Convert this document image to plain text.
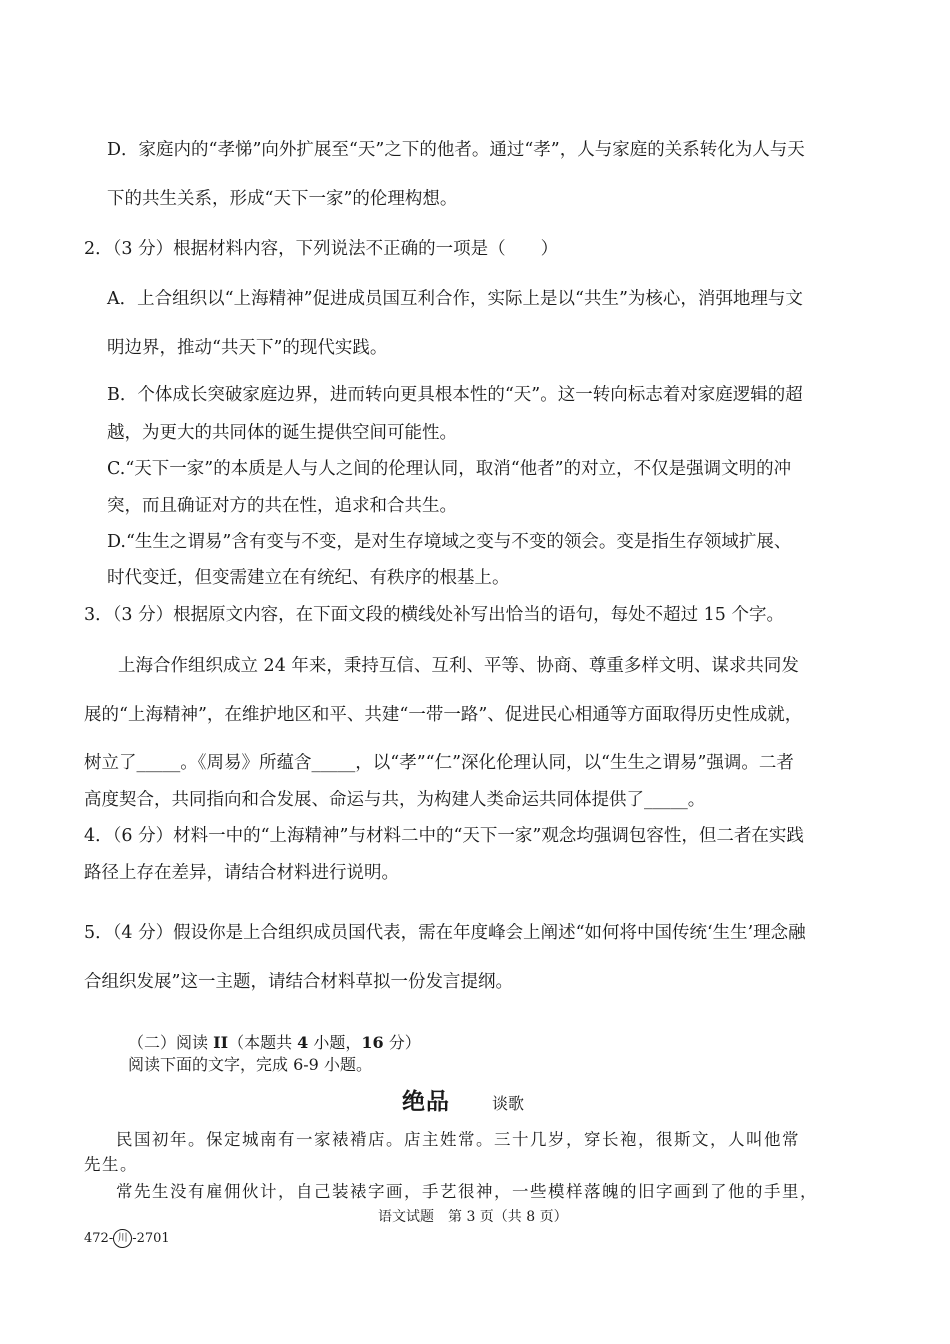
D．家庭内的“孝悌”向外扩展至“天”之下的他者。通过“孝”，人与家庭的关系转化为人与天
下的共生关系，形成“天下一家”的伦理构想。
2．（3 分）根据材料内容，下列说法不正确的一项是（　　）
A．上合组织以“上海精神”促进成员国互利合作，实际上是以“共生”为核心，消弭地理与文
明边界，推动“共天下”的现代实践。
B．个体成长突破家庭边界，进而转向更具根本性的“天”。这一转向标志着对家庭逻辑的超
越，为更大的共同体的诞生提供空间可能性。
C.“天下一家”的本质是人与人之间的伦理认同，取消“他者”的对立，不仅是强调文明的冲
突，而且确证对方的共在性，追求和合共生。
D.“生生之谓易”含有变与不变，是对生存境域之变与不变的领会。变是指生存领域扩展、
时代变迁，但变需建立在有统纪、有秩序的根基上。
3．（3 分）根据原文内容，在下面文段的横线处补写出恰当的语句，每处不超过 15 个字。
上海合作组织成立 24 年来，秉持互信、互利、平等、协商、尊重多样文明、谋求共同发
展的“上海精神”，在维护地区和平、共建“一带一路”、促进民心相通等方面取得历史性成就，
树立了_____。《周易》所蕴含_____，以“孝”“仁”深化伦理认同，以“生生之谓易”强调。二者
高度契合，共同指向和合发展、命运与共，为构建人类命运共同体提供了_____。
4．（6 分）材料一中的“上海精神”与材料二中的“天下一家”观念均强调包容性，但二者在实践
路径上存在差异，请结合材料进行说明。
5．（4 分）假设你是上合组织成员国代表，需在年度峰会上阐述“如何将中国传统‘生生’理念融
合组织发展”这一主题，请结合材料草拟一份发言提纲。
（二）阅读 II（本题共 4 小题，16 分）
阅读下面的文字，完成 6-9 小题。
绝品	谈歌
民国初年。保定城南有一家裱褙店。店主姓常。三十几岁，穿长袍，很斯文，人叫他常
先生。
常先生没有雇佣伙计，自己装裱字画，手艺很神，一些模样落魄的旧字画到了他的手里，
语文试题　第 3 页（共 8 页）
472- 川 -2701
